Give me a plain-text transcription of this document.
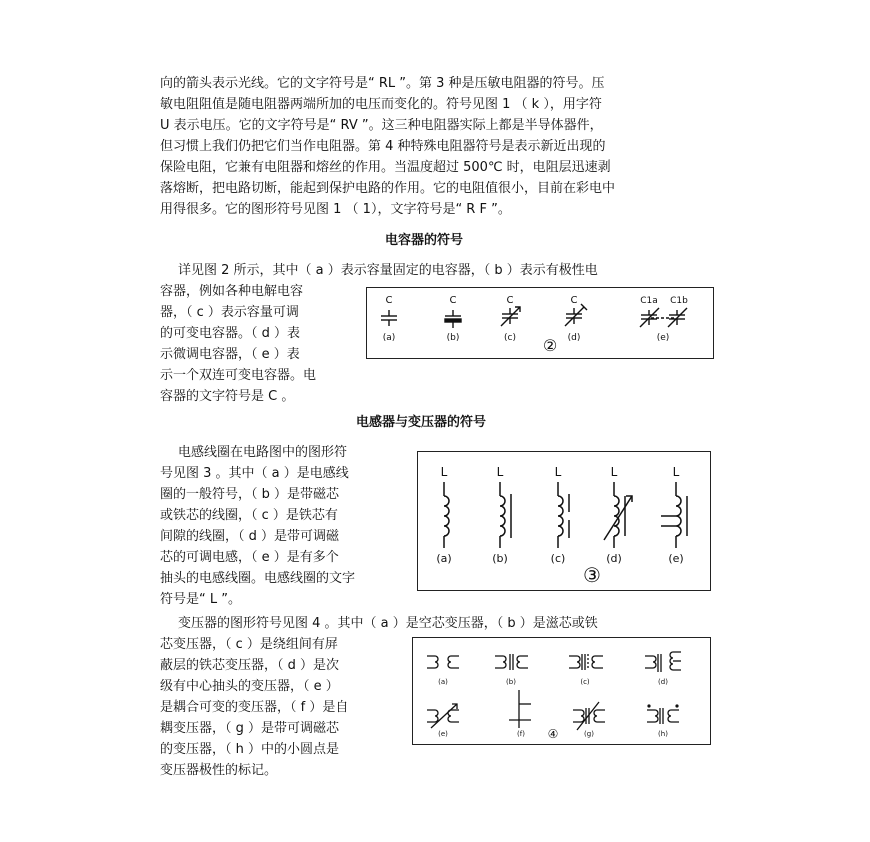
向的箭头表示光线。它的文字符号是“ RL ”。第 3 种是压敏电阻器的符号。压
敏电阻阻值是随电阻器两端所加的电压而变化的。符号见图 1 （ k ），用字符
U 表示电压。它的文字符号是“ RV ”。这三种电阻器实际上都是半导体器件，
但习惯上我们仍把它们当作电阻器。第 4 种特殊电阻器符号是表示新近出现的
保险电阻，它兼有电阻器和熔丝的作用。当温度超过 500℃ 时，电阻层迅速剥
落熔断，把电路切断，能起到保护电路的作用。它的电阻值很小，目前在彩电中
用得很多。它的图形符号见图 1 （ 1），文字符号是“ R F ”。
电容器的符号
详见图 2 所示，其中（ a ）表示容量固定的电容器，（ b ）表示有极性电
容器，例如各种电解电容
器，（ c ）表示容量可调
的可变电容器。（ d ）表
示微调电容器，（ e ）表
示一个双连可变电容器。电
容器的文字符号是 C 。
C	C	C	C	C1a C1b
(a)	(b)	(c)	(d)	(e)
②
电感器与变压器的符号
电感线圈在电路图中的图形符
号见图 3 。其中（ a ）是电感线
圈的一般符号，（ b ）是带磁芯
或铁芯的线圈，（ c ）是铁芯有
间隙的线圈，（ d ）是带可调磁
芯的可调电感，（ e ）是有多个
抽头的电感线圈。电感线圈的文字
符号是“ L ”。
L	L	L	L	L
(a)	(b)	(c)	(d)	(e)
③
变压器的图形符号见图 4 。其中（ a ）是空芯变压器，（ b ）是滋芯或铁
芯变压器，（ c ）是绕组间有屏
蔽层的铁芯变压器，（ d ）是次
级有中心抽头的变压器，（ e ）
是耦合可变的变压器，（ f ）是自
耦变压器，（ g ）是带可调磁芯
的变压器，（ h ）中的小圆点是
变压器极性的标记。
(a)	(b)	(c)	(d)
(e)	(f)	(g)	(h)
④
